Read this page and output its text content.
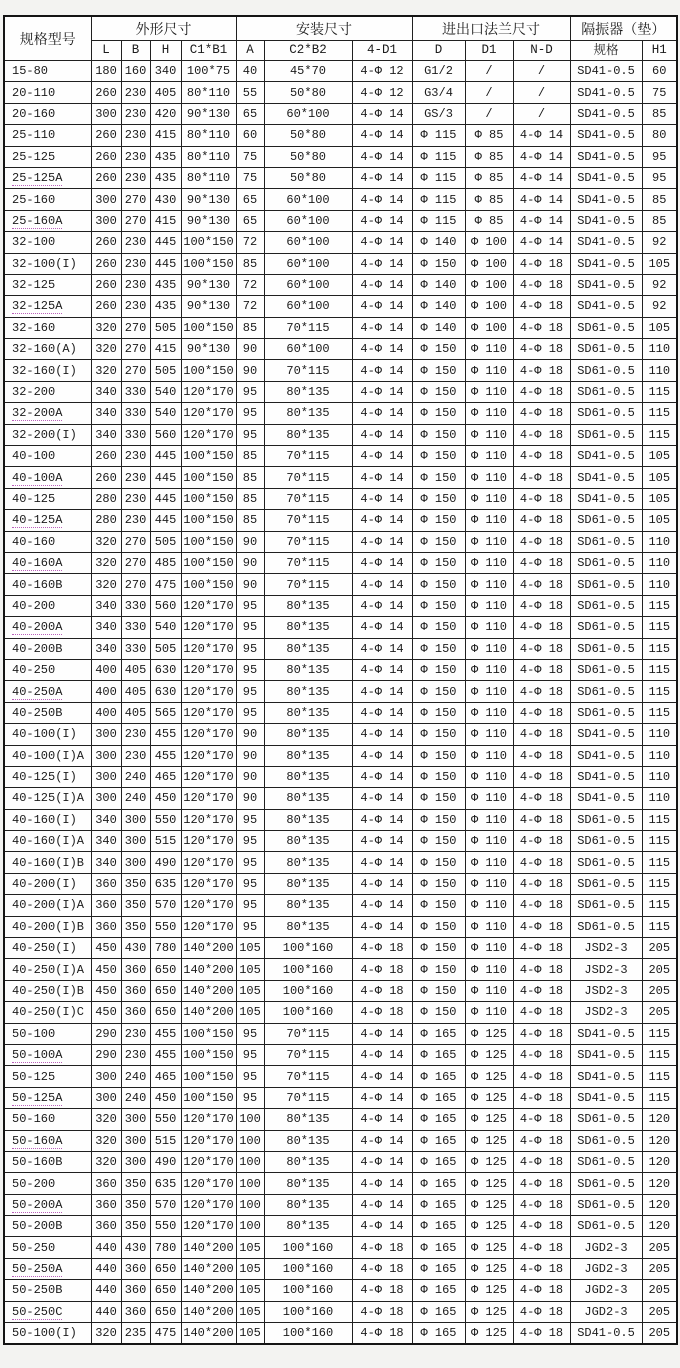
规格型号	外形尺寸				安装尺寸			进出口法兰尺寸			隔振器（垫）	
	L	B	H	C1*B1	A	C2*B2	4-D1	D	D1	N-D	规格	H1
15-80	180	160	340	100*75	40	45*70	4-Φ 12	G1/2	/	/	SD41-0.5	60
20-110	260	230	405	80*110	55	50*80	4-Φ 12	G3/4	/	/	SD41-0.5	75
20-160	300	230	420	90*130	65	60*100	4-Φ 14	GS/3	/	/	SD41-0.5	85
25-110	260	230	415	80*110	60	50*80	4-Φ 14	Φ 115	Φ 85	4-Φ 14	SD41-0.5	80
25-125	260	230	435	80*110	75	50*80	4-Φ 14	Φ 115	Φ 85	4-Φ 14	SD41-0.5	95
25-125A	260	230	435	80*110	75	50*80	4-Φ 14	Φ 115	Φ 85	4-Φ 14	SD41-0.5	95
25-160	300	270	430	90*130	65	60*100	4-Φ 14	Φ 115	Φ 85	4-Φ 14	SD41-0.5	85
25-160A	300	270	415	90*130	65	60*100	4-Φ 14	Φ 115	Φ 85	4-Φ 14	SD41-0.5	85
32-100	260	230	445	100*150	72	60*100	4-Φ 14	Φ 140	Φ 100	4-Φ 14	SD41-0.5	92
32-100(I)	260	230	445	100*150	85	60*100	4-Φ 14	Φ 150	Φ 100	4-Φ 18	SD41-0.5	105
32-125	260	230	435	90*130	72	60*100	4-Φ 14	Φ 140	Φ 100	4-Φ 18	SD41-0.5	92
32-125A	260	230	435	90*130	72	60*100	4-Φ 14	Φ 140	Φ 100	4-Φ 18	SD41-0.5	92
32-160	320	270	505	100*150	85	70*115	4-Φ 14	Φ 140	Φ 100	4-Φ 18	SD61-0.5	105
32-160(A)	320	270	415	90*130	90	60*100	4-Φ 14	Φ 150	Φ 110	4-Φ 18	SD61-0.5	110
32-160(I)	320	270	505	100*150	90	70*115	4-Φ 14	Φ 150	Φ 110	4-Φ 18	SD61-0.5	110
32-200	340	330	540	120*170	95	80*135	4-Φ 14	Φ 150	Φ 110	4-Φ 18	SD61-0.5	115
32-200A	340	330	540	120*170	95	80*135	4-Φ 14	Φ 150	Φ 110	4-Φ 18	SD61-0.5	115
32-200(I)	340	330	560	120*170	95	80*135	4-Φ 14	Φ 150	Φ 110	4-Φ 18	SD61-0.5	115
40-100	260	230	445	100*150	85	70*115	4-Φ 14	Φ 150	Φ 110	4-Φ 18	SD41-0.5	105
40-100A	260	230	445	100*150	85	70*115	4-Φ 14	Φ 150	Φ 110	4-Φ 18	SD41-0.5	105
40-125	280	230	445	100*150	85	70*115	4-Φ 14	Φ 150	Φ 110	4-Φ 18	SD41-0.5	105
40-125A	280	230	445	100*150	85	70*115	4-Φ 14	Φ 150	Φ 110	4-Φ 18	SD61-0.5	105
40-160	320	270	505	100*150	90	70*115	4-Φ 14	Φ 150	Φ 110	4-Φ 18	SD61-0.5	110
40-160A	320	270	485	100*150	90	70*115	4-Φ 14	Φ 150	Φ 110	4-Φ 18	SD61-0.5	110
40-160B	320	270	475	100*150	90	70*115	4-Φ 14	Φ 150	Φ 110	4-Φ 18	SD61-0.5	110
40-200	340	330	560	120*170	95	80*135	4-Φ 14	Φ 150	Φ 110	4-Φ 18	SD61-0.5	115
40-200A	340	330	540	120*170	95	80*135	4-Φ 14	Φ 150	Φ 110	4-Φ 18	SD61-0.5	115
40-200B	340	330	505	120*170	95	80*135	4-Φ 14	Φ 150	Φ 110	4-Φ 18	SD61-0.5	115
40-250	400	405	630	120*170	95	80*135	4-Φ 14	Φ 150	Φ 110	4-Φ 18	SD61-0.5	115
40-250A	400	405	630	120*170	95	80*135	4-Φ 14	Φ 150	Φ 110	4-Φ 18	SD61-0.5	115
40-250B	400	405	565	120*170	95	80*135	4-Φ 14	Φ 150	Φ 110	4-Φ 18	SD61-0.5	115
40-100(I)	300	230	455	120*170	90	80*135	4-Φ 14	Φ 150	Φ 110	4-Φ 18	SD41-0.5	110
40-100(I)A	300	230	455	120*170	90	80*135	4-Φ 14	Φ 150	Φ 110	4-Φ 18	SD41-0.5	110
40-125(I)	300	240	465	120*170	90	80*135	4-Φ 14	Φ 150	Φ 110	4-Φ 18	SD41-0.5	110
40-125(I)A	300	240	450	120*170	90	80*135	4-Φ 14	Φ 150	Φ 110	4-Φ 18	SD41-0.5	110
40-160(I)	340	300	550	120*170	95	80*135	4-Φ 14	Φ 150	Φ 110	4-Φ 18	SD61-0.5	115
40-160(I)A	340	300	515	120*170	95	80*135	4-Φ 14	Φ 150	Φ 110	4-Φ 18	SD61-0.5	115
40-160(I)B	340	300	490	120*170	95	80*135	4-Φ 14	Φ 150	Φ 110	4-Φ 18	SD61-0.5	115
40-200(I)	360	350	635	120*170	95	80*135	4-Φ 14	Φ 150	Φ 110	4-Φ 18	SD61-0.5	115
40-200(I)A	360	350	570	120*170	95	80*135	4-Φ 14	Φ 150	Φ 110	4-Φ 18	SD61-0.5	115
40-200(I)B	360	350	550	120*170	95	80*135	4-Φ 14	Φ 150	Φ 110	4-Φ 18	SD61-0.5	115
40-250(I)	450	430	780	140*200	105	100*160	4-Φ 18	Φ 150	Φ 110	4-Φ 18	JSD2-3	205
40-250(I)A	450	360	650	140*200	105	100*160	4-Φ 18	Φ 150	Φ 110	4-Φ 18	JSD2-3	205
40-250(I)B	450	360	650	140*200	105	100*160	4-Φ 18	Φ 150	Φ 110	4-Φ 18	JSD2-3	205
40-250(I)C	450	360	650	140*200	105	100*160	4-Φ 18	Φ 150	Φ 110	4-Φ 18	JSD2-3	205
50-100	290	230	455	100*150	95	70*115	4-Φ 14	Φ 165	Φ 125	4-Φ 18	SD41-0.5	115
50-100A	290	230	455	100*150	95	70*115	4-Φ 14	Φ 165	Φ 125	4-Φ 18	SD41-0.5	115
50-125	300	240	465	100*150	95	70*115	4-Φ 14	Φ 165	Φ 125	4-Φ 18	SD41-0.5	115
50-125A	300	240	450	100*150	95	70*115	4-Φ 14	Φ 165	Φ 125	4-Φ 18	SD41-0.5	115
50-160	320	300	550	120*170	100	80*135	4-Φ 14	Φ 165	Φ 125	4-Φ 18	SD61-0.5	120
50-160A	320	300	515	120*170	100	80*135	4-Φ 14	Φ 165	Φ 125	4-Φ 18	SD61-0.5	120
50-160B	320	300	490	120*170	100	80*135	4-Φ 14	Φ 165	Φ 125	4-Φ 18	SD61-0.5	120
50-200	360	350	635	120*170	100	80*135	4-Φ 14	Φ 165	Φ 125	4-Φ 18	SD61-0.5	120
50-200A	360	350	570	120*170	100	80*135	4-Φ 14	Φ 165	Φ 125	4-Φ 18	SD61-0.5	120
50-200B	360	350	550	120*170	100	80*135	4-Φ 14	Φ 165	Φ 125	4-Φ 18	SD61-0.5	120
50-250	440	430	780	140*200	105	100*160	4-Φ 18	Φ 165	Φ 125	4-Φ 18	JGD2-3	205
50-250A	440	360	650	140*200	105	100*160	4-Φ 18	Φ 165	Φ 125	4-Φ 18	JGD2-3	205
50-250B	440	360	650	140*200	105	100*160	4-Φ 18	Φ 165	Φ 125	4-Φ 18	JGD2-3	205
50-250C	440	360	650	140*200	105	100*160	4-Φ 18	Φ 165	Φ 125	4-Φ 18	JGD2-3	205
50-100(I)	320	235	475	140*200	105	100*160	4-Φ 18	Φ 165	Φ 125	4-Φ 18	SD41-0.5	205
